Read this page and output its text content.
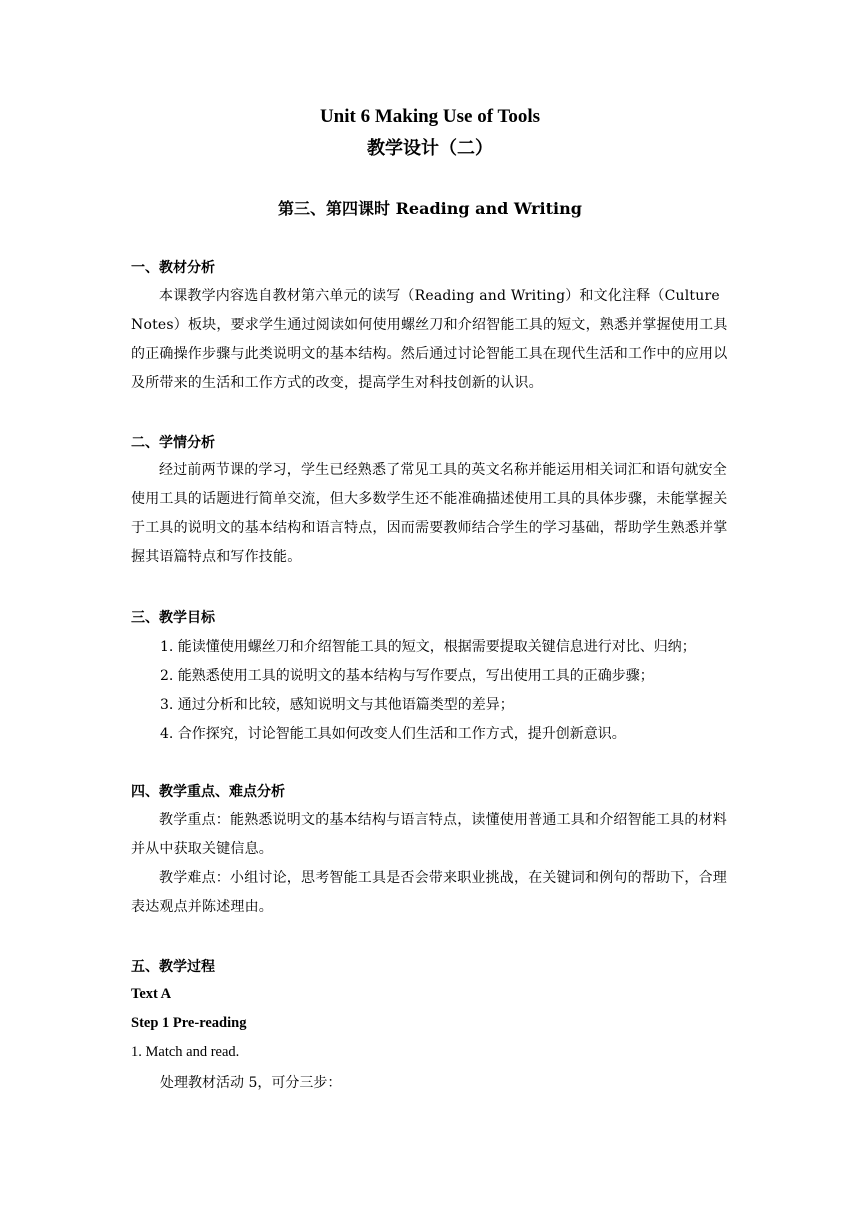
Unit 6 Making Use of Tools
教学设计（二）
第三、第四课时 Reading and Writing
一、教材分析
本课教学内容选自教材第六单元的读写（Reading and Writing）和文化注释（Culture Notes）板块，要求学生通过阅读如何使用螺丝刀和介绍智能工具的短文，熟悉并掌握使用工具的正确操作步骤与此类说明文的基本结构。然后通过讨论智能工具在现代生活和工作中的应用以 及所带来的生活和工作方式的改变，提高学生对科技创新的认识。
二、学情分析
经过前两节课的学习，学生已经熟悉了常见工具的英文名称并能运用相关词汇和语句就安全使用工具的话题进行简单交流，但大多数学生还不能准确描述使用工具的具体步骤，未能掌握关于工具的说明文的基本结构和语言特点，因而需要教师结合学生的学习基础，帮助学生熟悉并掌握其语篇特点和写作技能。
三、教学目标
1. 能读懂使用螺丝刀和介绍智能工具的短文，根据需要提取关键信息进行对比、归纳；
2. 能熟悉使用工具的说明文的基本结构与写作要点，写出使用工具的正确步骤；
3. 通过分析和比较，感知说明文与其他语篇类型的差异；
4. 合作探究，讨论智能工具如何改变人们生活和工作方式，提升创新意识。
四、教学重点、难点分析
教学重点：能熟悉说明文的基本结构与语言特点，读懂使用普通工具和介绍智能工具的材料并从中获取关键信息。
教学难点：小组讨论，思考智能工具是否会带来职业挑战，在关键词和例句的帮助下，合理表达观点并陈述理由。
五、教学过程
Text A
Step 1 Pre-reading
1. Match and read.
处理教材活动 5，可分三步：
